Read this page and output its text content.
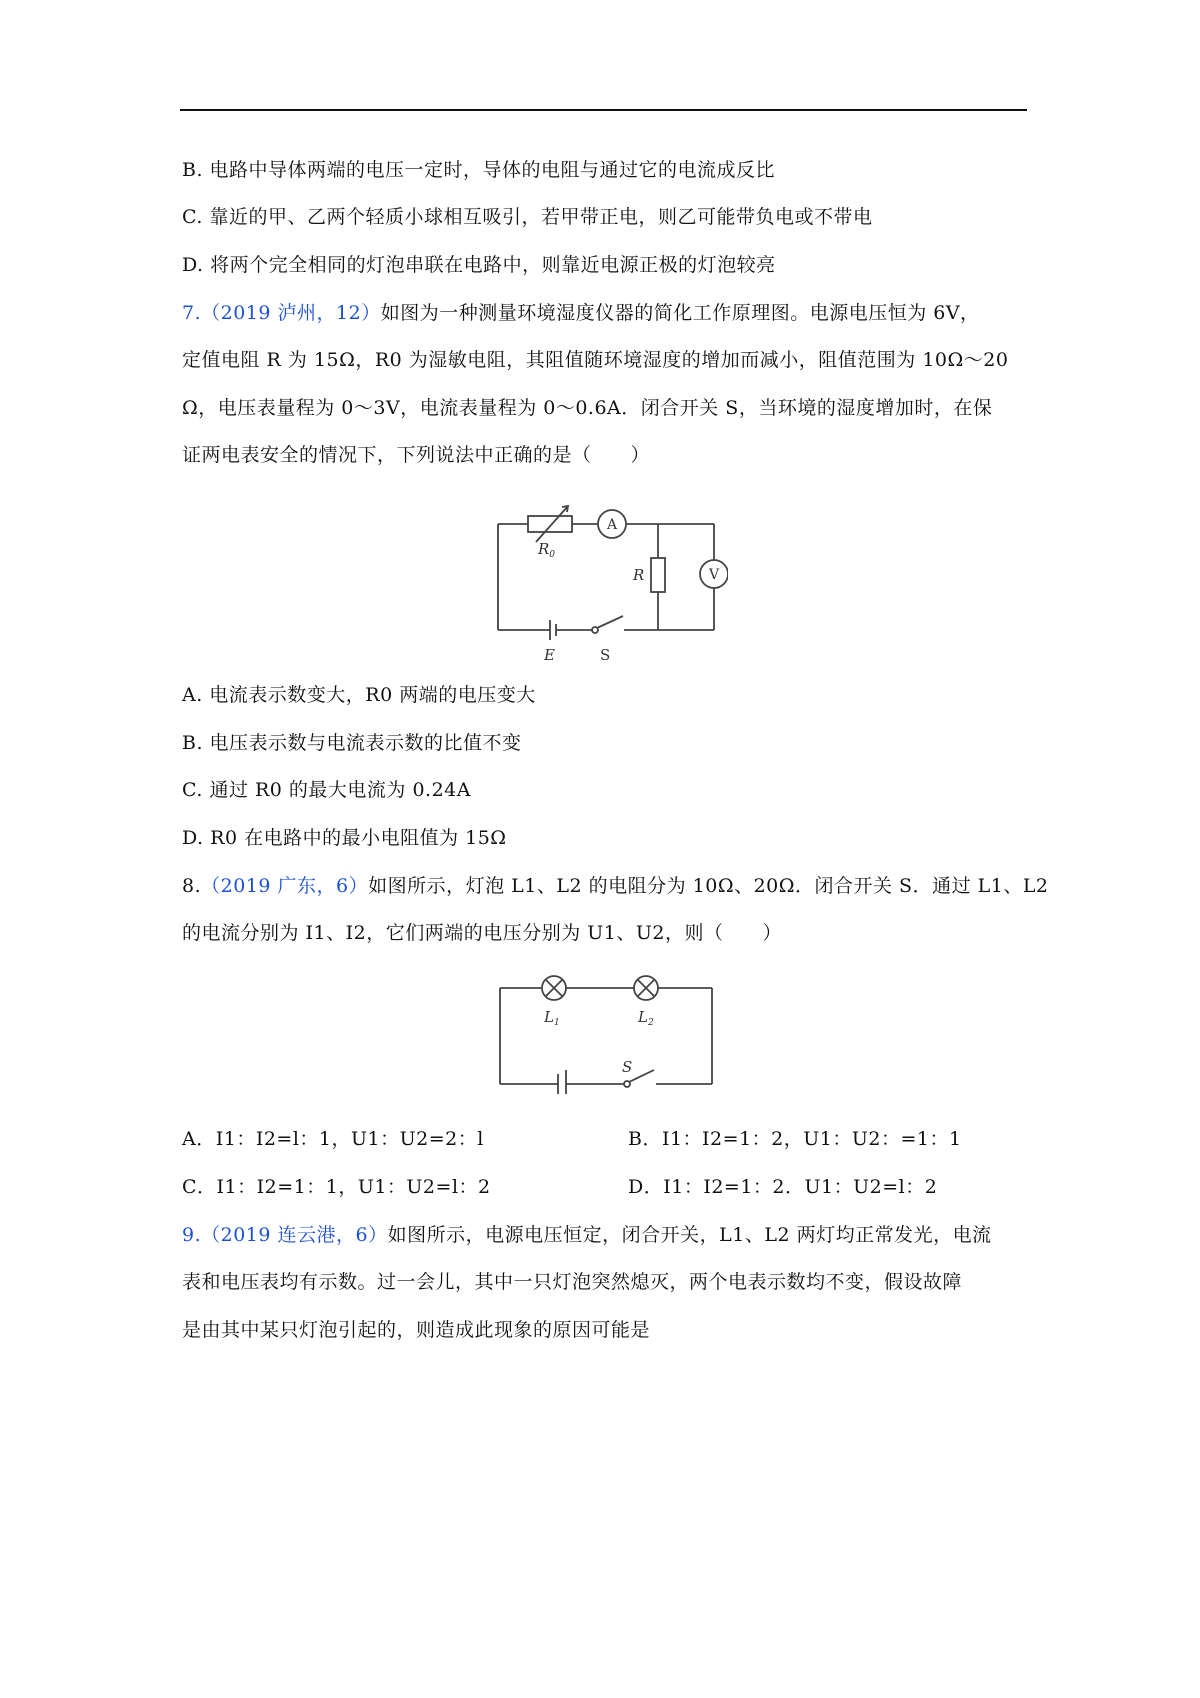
B. 电路中导体两端的电压一定时，导体的电阻与通过它的电流成反比
C. 靠近的甲、乙两个轻质小球相互吸引，若甲带正电，则乙可能带负电或不带电
D. 将两个完全相同的灯泡串联在电路中，则靠近电源正极的灯泡较亮
7.（2019 泸州，12）如图为一种测量环境湿度仪器的简化工作原理图。电源电压恒为 6V，
定值电阻 R 为 15Ω，R0 为湿敏电阻，其阻值随环境湿度的增加而减小，阻值范围为 10Ω～20
Ω，电压表量程为 0～3V，电流表量程为 0～0.6A．闭合开关 S，当环境的湿度增加时，在保
证两电表安全的情况下，下列说法中正确的是（　　）
$R_0$
A
R	V
E	S
A. 电流表示数变大，R0 两端的电压变大
B. 电压表示数与电流表示数的比值不变
C. 通过 R0 的最大电流为 0.24A
D. R0 在电路中的最小电阻值为 15Ω
8.（2019 广东，6）如图所示，灯泡 L1、L2 的电阻分为 10Ω、20Ω．闭合开关 S．通过 L1、L2
的电流分别为 I1、I2，它们两端的电压分别为 U1、U2，则（　　）
$L_1$	$L_2$
S
A．I1：I2=l：1，U1：U2=2：l	B．I1：I2=1：2，U1：U2：=1：1
C．I1：I2=1：1，U1：U2=l：2	D．I1：I2=1：2．U1：U2=l：2
9.（2019 连云港，6）如图所示，电源电压恒定，闭合开关，L1、L2 两灯均正常发光，电流
表和电压表均有示数。过一会儿，其中一只灯泡突然熄灭，两个电表示数均不变，假设故障
是由其中某只灯泡引起的，则造成此现象的原因可能是
